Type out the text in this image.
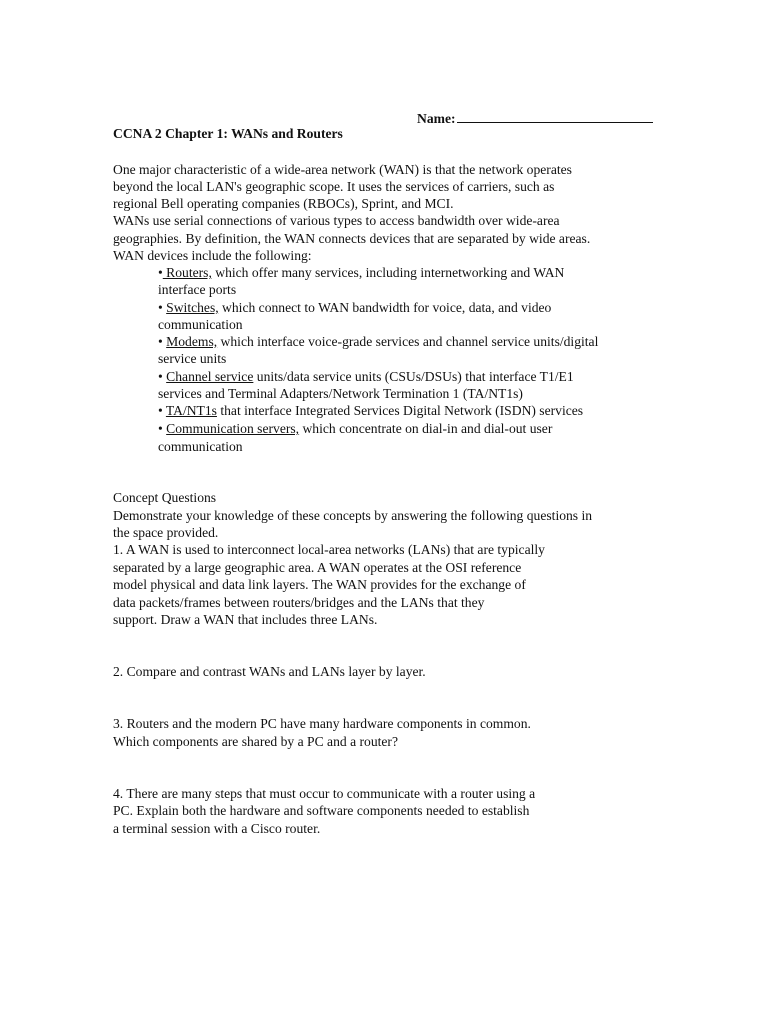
Name:
CCNA 2 Chapter 1: WANs and Routers
One major characteristic of a wide-area network (WAN) is that the network operates
beyond the local LAN's geographic scope. It uses the services of carriers, such as
regional Bell operating companies (RBOCs), Sprint, and MCI.
WANs use serial connections of various types to access bandwidth over wide-area
geographies. By definition, the WAN connects devices that are separated by wide areas.
WAN devices include the following:
• Routers, which offer many services, including internetworking and WAN
interface ports
• Switches, which connect to WAN bandwidth for voice, data, and video
communication
• Modems, which interface voice-grade services and channel service units/digital
service units
• Channel service units/data service units (CSUs/DSUs) that interface T1/E1
services and Terminal Adapters/Network Termination 1 (TA/NT1s)
• TA/NT1s that interface Integrated Services Digital Network (ISDN) services
• Communication servers, which concentrate on dial-in and dial-out user
communication
Concept Questions
Demonstrate your knowledge of these concepts by answering the following questions in
the space provided.
1. A WAN is used to interconnect local-area networks (LANs) that are typically
separated by a large geographic area. A WAN operates at the OSI reference
model physical and data link layers. The WAN provides for the exchange of
data packets/frames between routers/bridges and the LANs that they
support. Draw a WAN that includes three LANs.
2. Compare and contrast WANs and LANs layer by layer.
3. Routers and the modern PC have many hardware components in common.
Which components are shared by a PC and a router?
4. There are many steps that must occur to communicate with a router using a
PC. Explain both the hardware and software components needed to establish
a terminal session with a Cisco router.
